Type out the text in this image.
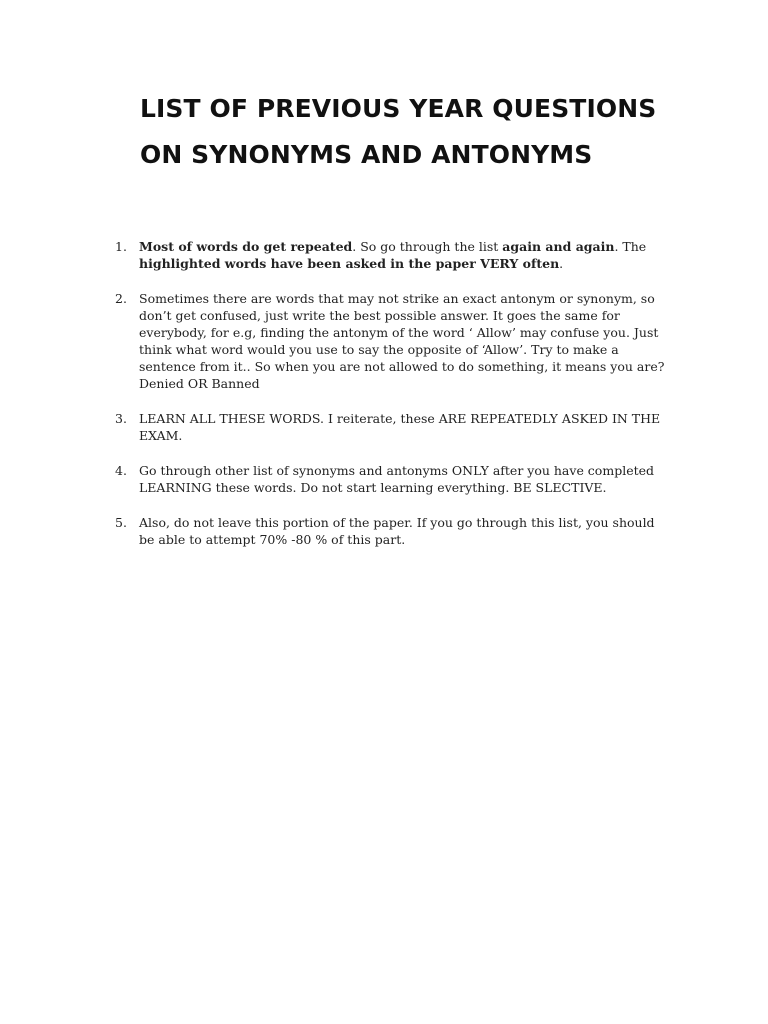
LIST OF PREVIOUS YEAR QUESTIONS
ON SYNONYMS AND ANTONYMS
1. Most of words do get repeated. So go through the list again and again. The highlighted words have been asked in the paper VERY often.
2. Sometimes there are words that may not strike an exact antonym or synonym, so don’t get confused, just write the best possible answer. It goes the same for everybody, for e.g, finding the antonym of the word ‘ Allow’ may confuse you. Just think what word would you use to say the opposite of ‘Allow’. Try to make a sentence from it.. So when you are not allowed to do something, it means you are? Denied OR Banned
3. LEARN ALL THESE WORDS. I reiterate, these ARE REPEATEDLY ASKED IN THE EXAM.
4. Go through other list of synonyms and antonyms ONLY after you have completed LEARNING these words. Do not start learning everything. BE SLECTIVE.
5. Also, do not leave this portion of the paper. If you go through this list, you should be able to attempt 70% -80 % of this part.
